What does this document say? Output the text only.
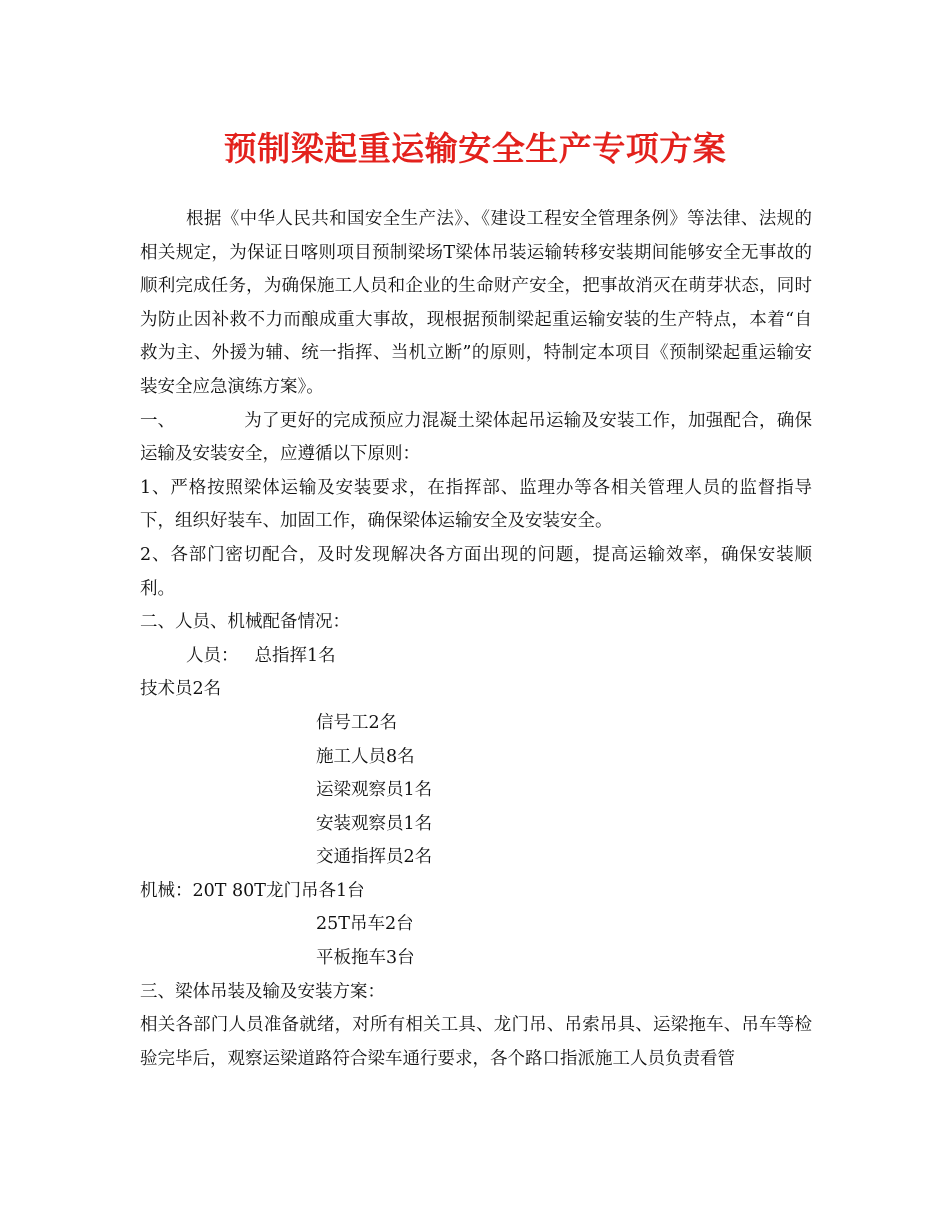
预制梁起重运输安全生产专项方案

根据《中华人民共和国安全生产法》、《建设工程安全管理条例》等法律、法规的相关规定，为保证日喀则项目预制梁场T梁体吊装运输转移安装期间能够安全无事故的顺利完成任务，为确保施工人员和企业的生命财产安全，把事故消灭在萌芽状态，同时为防止因补救不力而酿成重大事故，现根据预制梁起重运输安装的生产特点，本着“自救为主、外援为辅、统一指挥、当机立断”的原则，特制定本项目《预制梁起重运输安装安全应急演练方案》。

一、	为了更好的完成预应力混凝土梁体起吊运输及安装工作，加强配合，确保运输及安装安全，应遵循以下原则：

1、严格按照梁体运输及安装要求，在指挥部、监理办等各相关管理人员的监督指导下，组织好装车、加固工作，确保梁体运输安全及安装安全。

2、各部门密切配合，及时发现解决各方面出现的问题，提高运输效率，确保安装顺利。

二、人员、机械配备情况：

人员： 总指挥1名

技术员2名

信号工2名

施工人员8名

运梁观察员1名

安装观察员1名

交通指挥员2名

机械：20T 80T龙门吊各1台

25T吊车2台

平板拖车3台

三、梁体吊装及输及安装方案：

相关各部门人员准备就绪，对所有相关工具、龙门吊、吊索吊具、运梁拖车、吊车等检验完毕后，观察运梁道路符合梁车通行要求，各个路口指派施工人员负责看管
